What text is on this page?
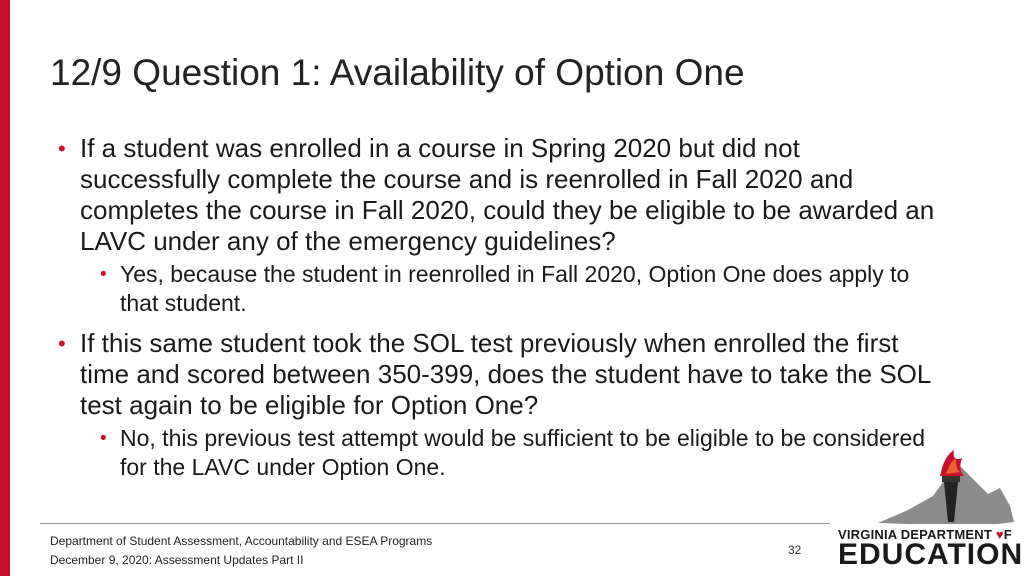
12/9 Question 1: Availability of Option One
• If a student was enrolled in a course in Spring 2020 but did not successfully complete the course and is reenrolled in Fall 2020 and completes the course in Fall 2020, could they be eligible to be awarded an LAVC under any of the emergency guidelines?
• Yes, because the student in reenrolled in Fall 2020, Option One does apply to that student.
• If this same student took the SOL test previously when enrolled the first time and scored between 350-399, does the student have to take the SOL test again to be eligible for Option One?
• No, this previous test attempt would be sufficient to be eligible to be considered for the LAVC under Option One.
Department of Student Assessment, Accountability and ESEA Programs
December 9, 2020: Assessment Updates Part II
32
VIRGINIA DEPARTMENT ♥F
EDUCATION
